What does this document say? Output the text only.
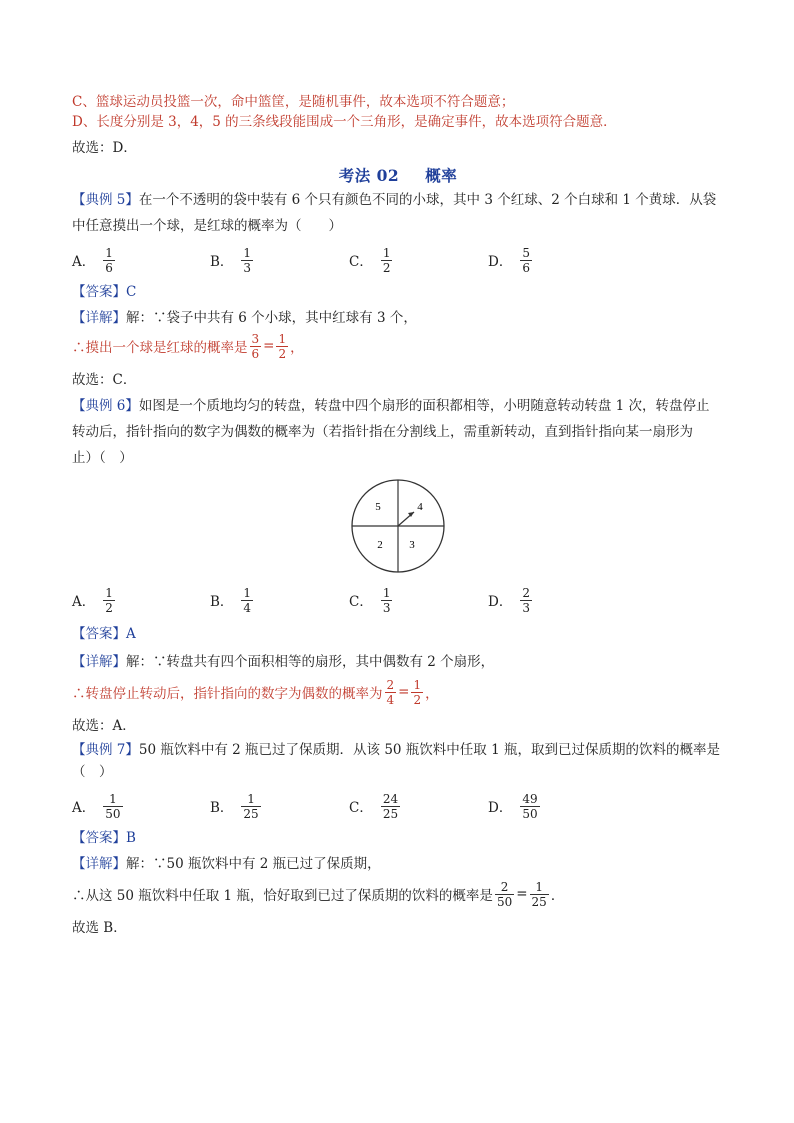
C、篮球运动员投篮一次，命中篮筐，是随机事件，故本选项不符合题意；

D、长度分别是 3，4，5 的三条线段能围成一个三角形，是确定事件，故本选项符合题意．

故选：D．

考法 02 概率

【典例 5】在一个不透明的袋中装有 6 个只有颜色不同的小球，其中 3 个红球、2 个白球和 1 个黄球．从袋

中任意摸出一个球，是红球的概率为（　　）

A． $\frac{1}{6}$	B． $\frac{1}{3}$	C． $\frac{1}{2}$	D． $\frac{5}{6}$

【答案】C

【详解】解：∵袋子中共有 6 个小球，其中红球有 3 个，

∴摸出一个球是红球的概率是 $\frac{3}{6} = \frac{1}{2}$ ，

故选：C．

【典例 6】如图是一个质地均匀的转盘，转盘中四个扇形的面积都相等，小明随意转动转盘 1 次，转盘停止

转动后，指针指向的数字为偶数的概率为（若指针指在分割线上，需重新转动，直到指针指向某一扇形为

止）（　）

5	4
2 3
A． $\frac{1}{2}$	B． $\frac{1}{4}$	C． $\frac{1}{3}$	D． $\frac{2}{3}$

【答案】A

【详解】解：∵转盘共有四个面积相等的扇形，其中偶数有 2 个扇形，

∴转盘停止转动后，指针指向的数字为偶数的概率为 $\frac{2}{4} = \frac{1}{2}$ ，

故选：A．

【典例 7】50 瓶饮料中有 2 瓶已过了保质期．从该 50 瓶饮料中任取 1 瓶，取到已过保质期的饮料的概率是

（　）

A． $\frac{1}{50}$	B． $\frac{1}{25}$	C． $\frac{24}{25}$	D． $\frac{49}{50}$

【答案】B

【详解】解：∵50 瓶饮料中有 2 瓶已过了保质期，

∴从这 50 瓶饮料中任取 1 瓶，恰好取到已过了保质期的饮料的概率是 $\frac{2}{50} = \frac{1}{25}$ ．

故选 B．
